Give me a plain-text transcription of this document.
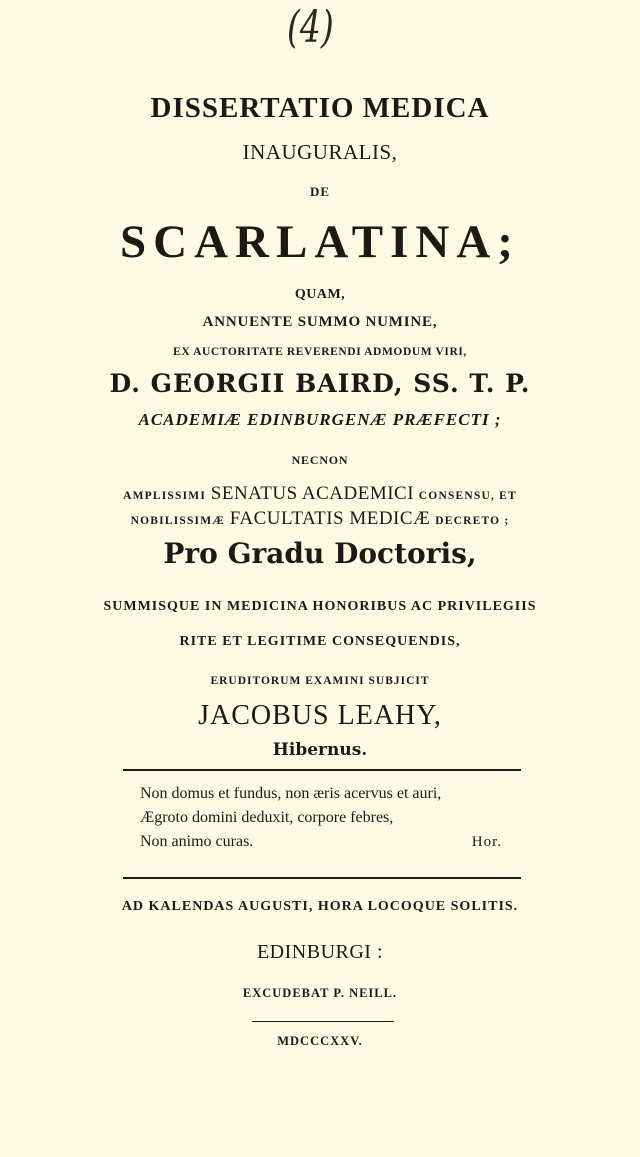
(4)
DISSERTATIO MEDICA
INAUGURALIS,
DE
SCARLATINA;
QUAM,
ANNUENTE SUMMO NUMINE,
EX AUCTORITATE REVERENDI ADMODUM VIRI,
D. GEORGII BAIRD, SS. T. P.
ACADEMIÆ EDINBURGENÆ PRÆFECTI ;
NECNON
AMPLISSIMI SENATUS ACADEMICI CONSENSU, ET
NOBILISSIMÆ FACULTATIS MEDICÆ DECRETO ;
Pro Gradu Doctoris,
SUMMISQUE IN MEDICINA HONORIBUS AC PRIVILEGIIS
RITE ET LEGITIME CONSEQUENDIS,
ERUDITORUM EXAMINI SUBJICIT
JACOBUS LEAHY,
Hibernus.
Non domus et fundus, non æris acervus et auri,
Ægroto domini deduxit, corpore febres,
Non animo curas.	Hor.
AD KALENDAS AUGUSTI, HORA LOCOQUE SOLITIS.
EDINBURGI :
EXCUDEBAT P. NEILL.
MDCCCXXV.
